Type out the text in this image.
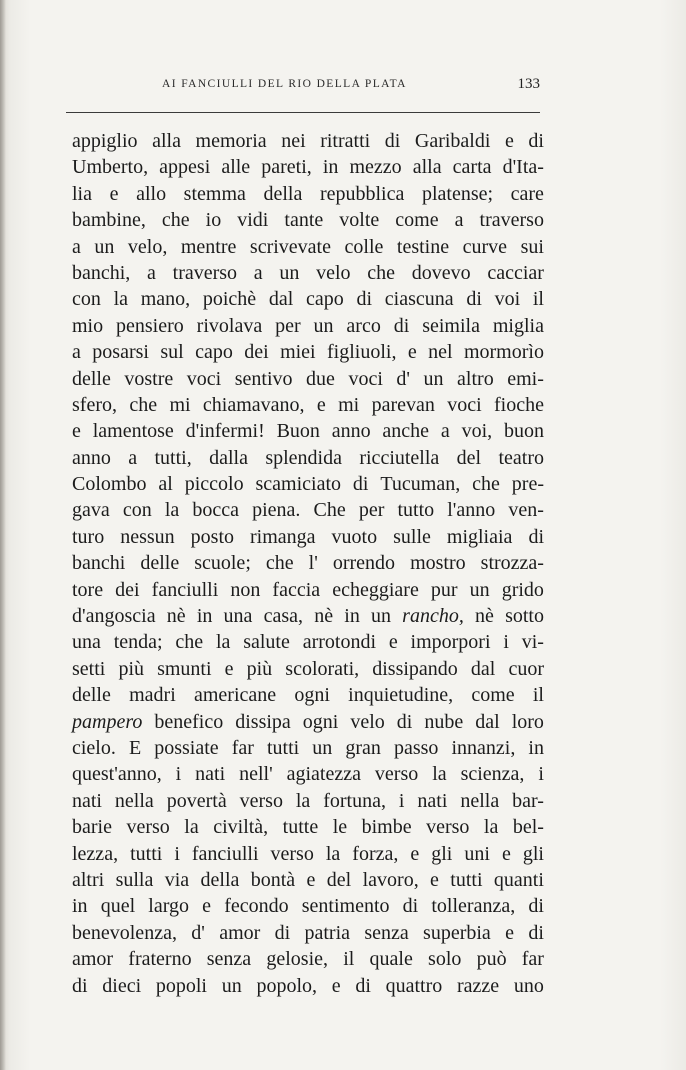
AI FANCIULLI DEL RIO DELLA PLATA	133
appiglio alla memoria nei ritratti di Garibaldi e di
Umberto, appesi alle pareti, in mezzo alla carta d'Ita-
lia e allo stemma della repubblica platense; care
bambine, che io vidi tante volte come a traverso
a un velo, mentre scrivevate colle testine curve sui
banchi, a traverso a un velo che dovevo cacciar
con la mano, poichè dal capo di ciascuna di voi il
mio pensiero rivolava per un arco di seimila miglia
a posarsi sul capo dei miei figliuoli, e nel mormorìo
delle vostre voci sentivo due voci d' un altro emi-
sfero, che mi chiamavano, e mi parevan voci fioche
e lamentose d'infermi! Buon anno anche a voi, buon
anno a tutti, dalla splendida ricciutella del teatro
Colombo al piccolo scamiciato di Tucuman, che pre-
gava con la bocca piena. Che per tutto l'anno ven-
turo nessun posto rimanga vuoto sulle migliaia di
banchi delle scuole; che l' orrendo mostro strozza-
tore dei fanciulli non faccia echeggiare pur un grido
d'angoscia nè in una casa, nè in un rancho, nè sotto
una tenda; che la salute arrotondi e imporpori i vi-
setti più smunti e più scolorati, dissipando dal cuor
delle madri americane ogni inquietudine, come il
pampero benefico dissipa ogni velo di nube dal loro
cielo. E possiate far tutti un gran passo innanzi, in
quest'anno, i nati nell' agiatezza verso la scienza, i
nati nella povertà verso la fortuna, i nati nella bar-
barie verso la civiltà, tutte le bimbe verso la bel-
lezza, tutti i fanciulli verso la forza, e gli uni e gli
altri sulla via della bontà e del lavoro, e tutti quanti
in quel largo e fecondo sentimento di tolleranza, di
benevolenza, d' amor di patria senza superbia e di
amor fraterno senza gelosie, il quale solo può far
di dieci popoli un popolo, e di quattro razze uno
